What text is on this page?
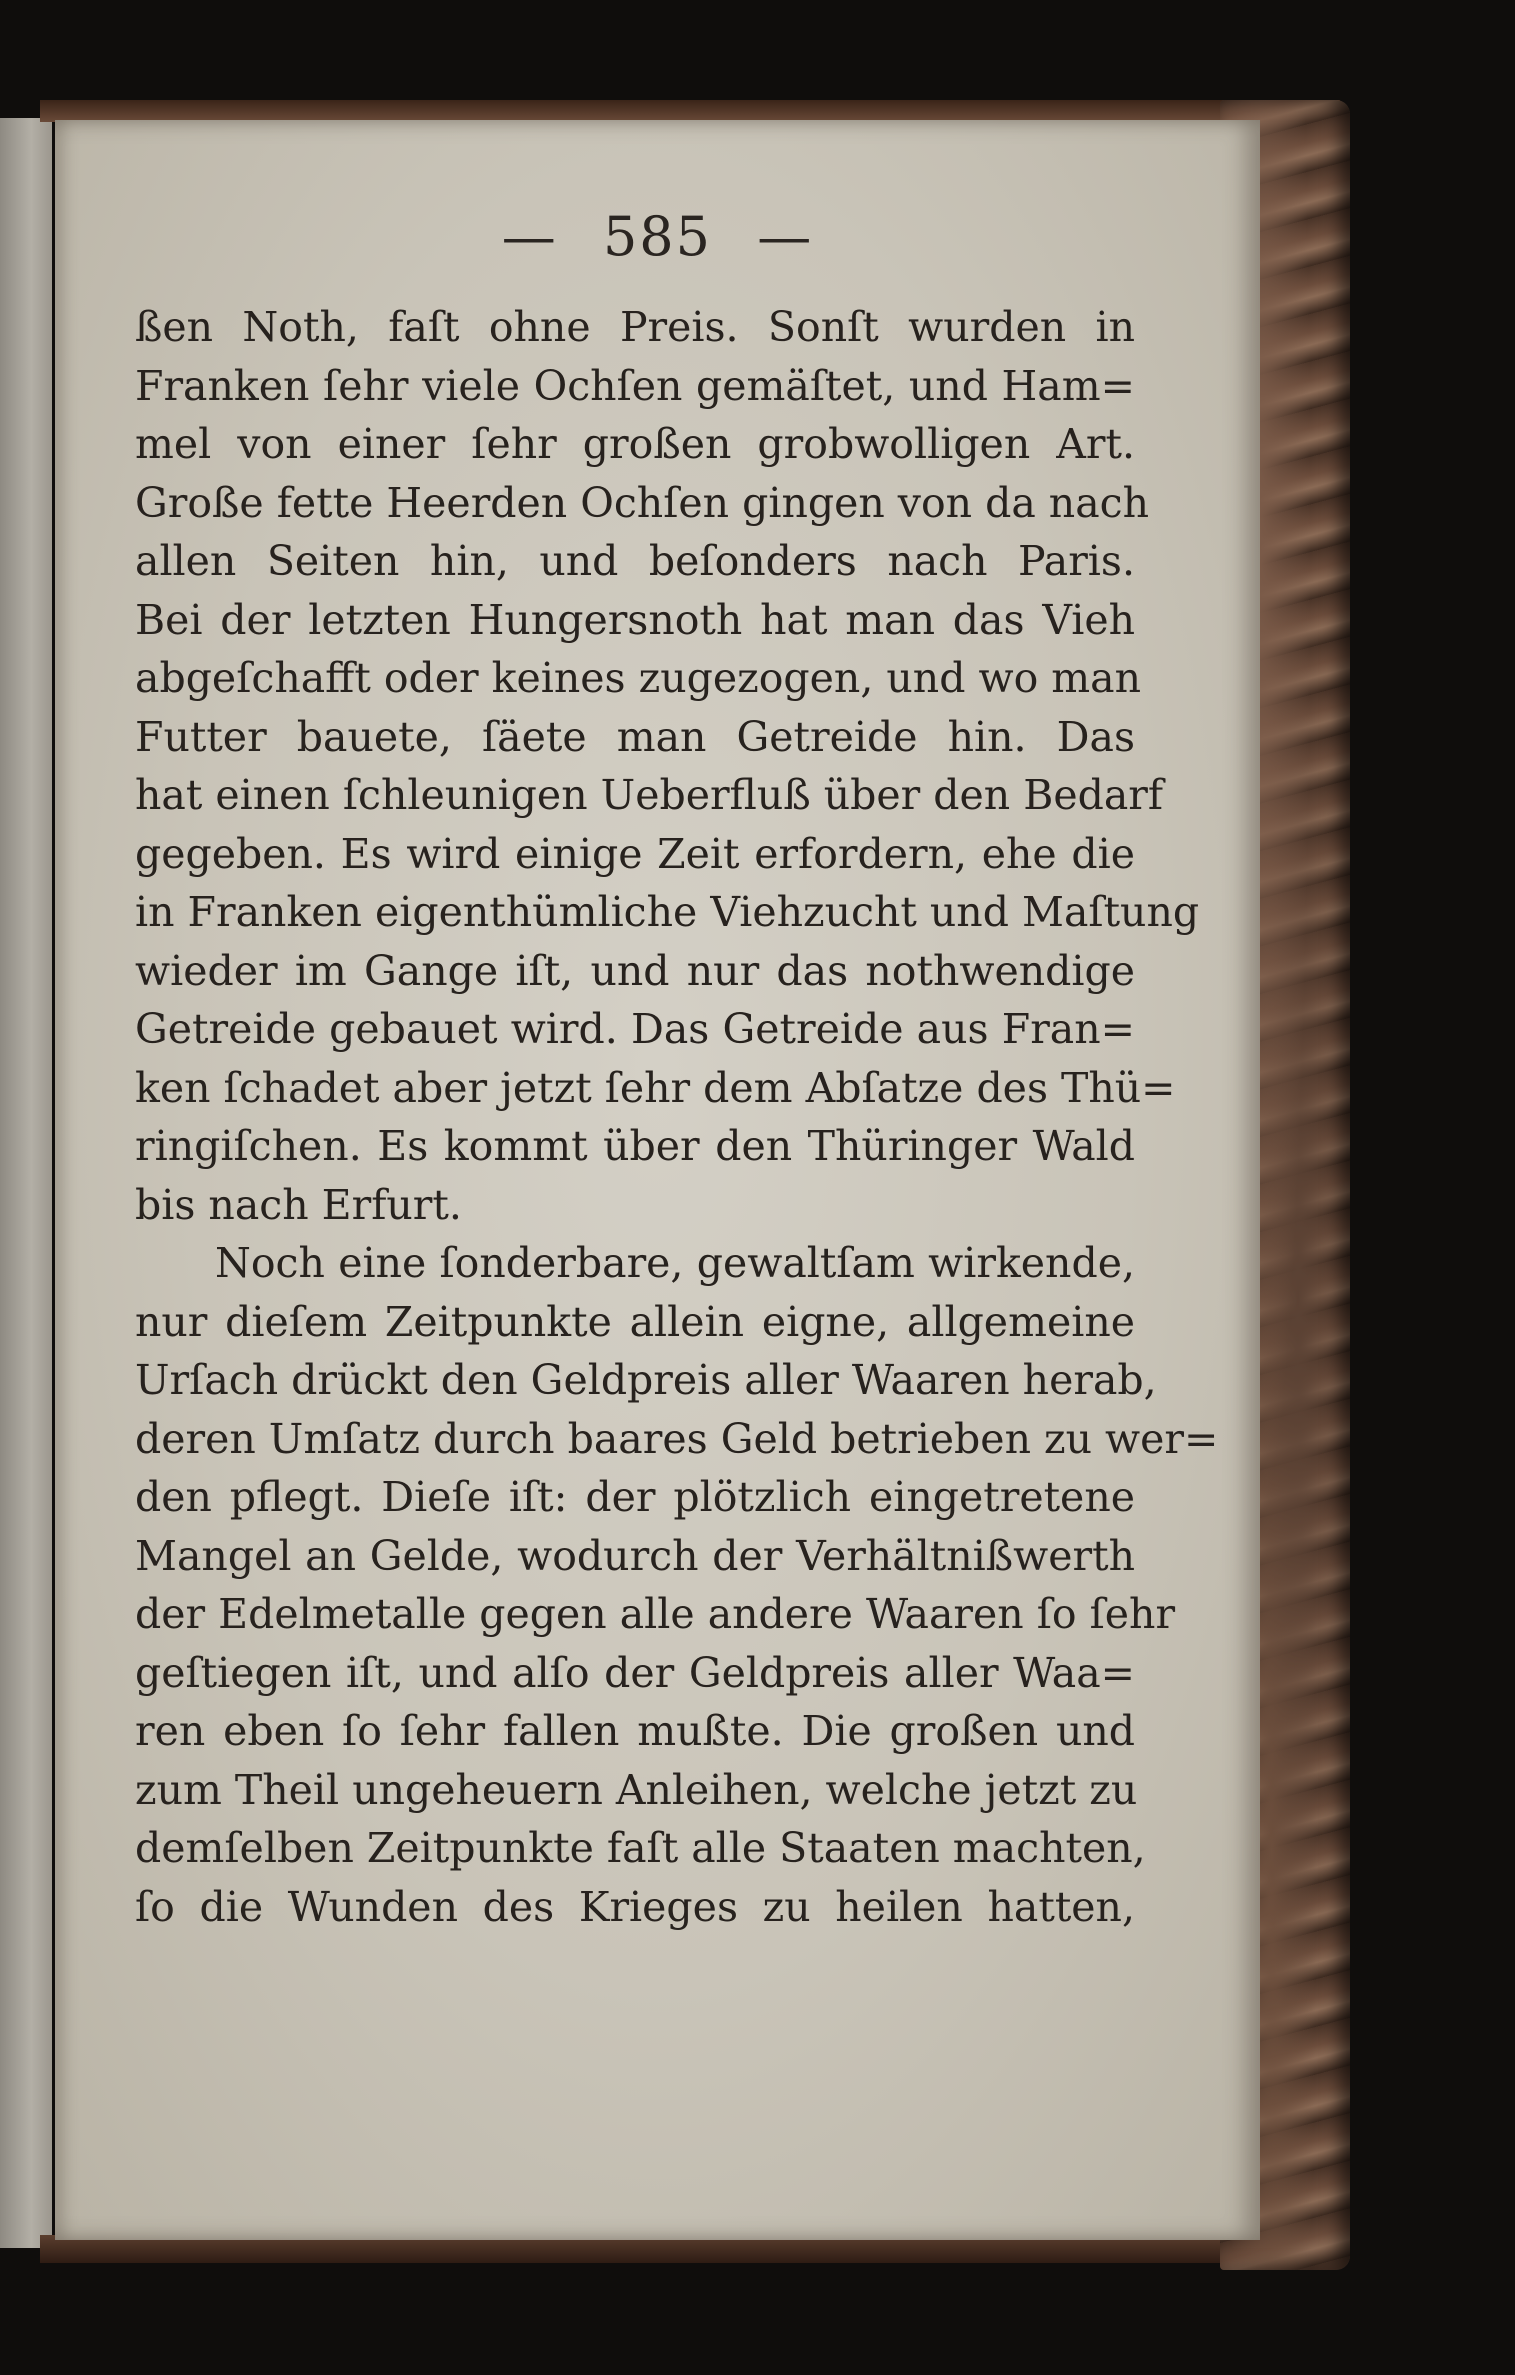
— 585 —
ßen Noth, faſt ohne Preis. Sonſt wurden in
Franken ſehr viele Ochſen gemäſtet, und Ham=
mel von einer ſehr großen grobwolligen Art.
Große fette Heerden Ochſen gingen von da nach
allen Seiten hin, und beſonders nach Paris.
Bei der letzten Hungersnoth hat man das Vieh
abgeſchafft oder keines zugezogen, und wo man
Futter bauete, ſäete man Getreide hin. Das
hat einen ſchleunigen Ueberfluß über den Bedarf
gegeben. Es wird einige Zeit erfordern, ehe die
in Franken eigenthümliche Viehzucht und Maſtung
wieder im Gange iſt, und nur das nothwendige
Getreide gebauet wird. Das Getreide aus Fran=
ken ſchadet aber jetzt ſehr dem Abſatze des Thü=
ringiſchen. Es kommt über den Thüringer Wald
bis nach Erfurt.
Noch eine ſonderbare, gewaltſam wirkende,
nur dieſem Zeitpunkte allein eigne, allgemeine
Urſach drückt den Geldpreis aller Waaren herab,
deren Umſatz durch baares Geld betrieben zu wer=
den pflegt. Dieſe iſt: der plötzlich eingetretene
Mangel an Gelde, wodurch der Verhältnißwerth
der Edelmetalle gegen alle andere Waaren ſo ſehr
geſtiegen iſt, und alſo der Geldpreis aller Waa=
ren eben ſo ſehr fallen mußte. Die großen und
zum Theil ungeheuern Anleihen, welche jetzt zu
demſelben Zeitpunkte faſt alle Staaten machten,
ſo die Wunden des Krieges zu heilen hatten,
